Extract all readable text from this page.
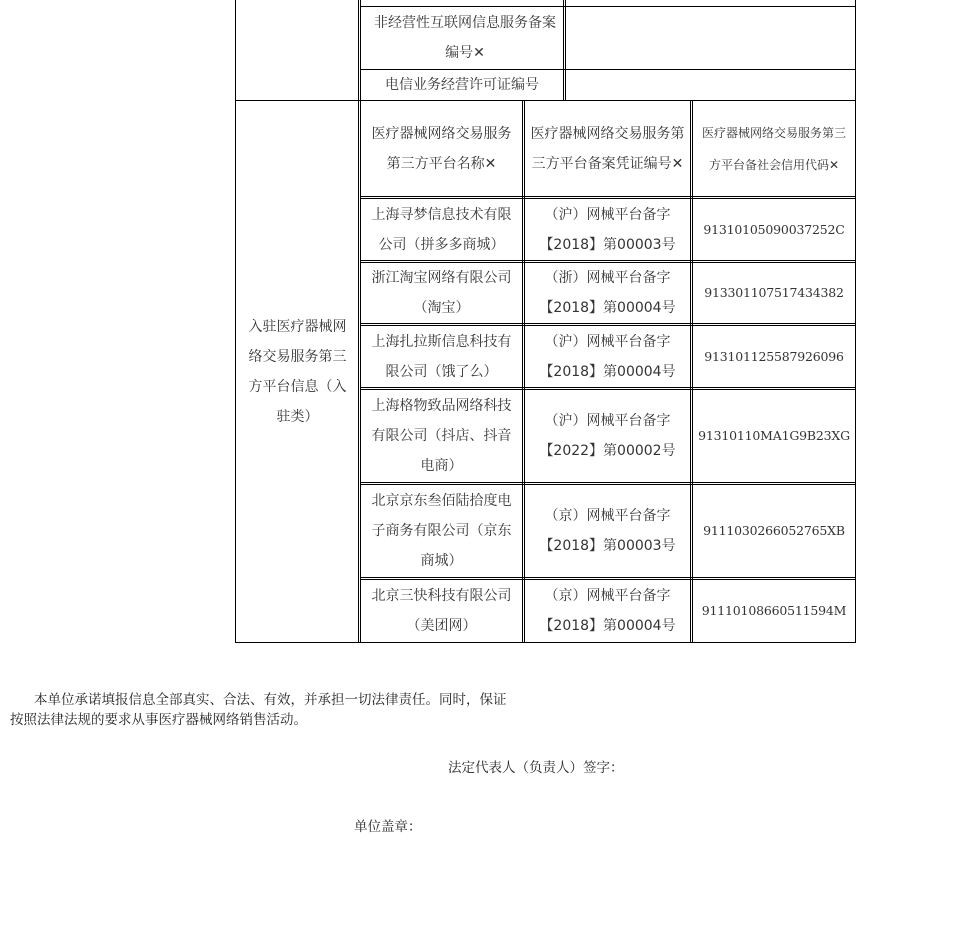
非经营性互联网信息服务备案编号✕
电信业务经营许可证编号
入驻医疗器械网络交易服务第三方平台信息（入驻类）
医疗器械网络交易服务第三方平台名称✕
医疗器械网络交易服务第三方平台备案凭证编号✕
医疗器械网络交易服务第三方平台备社会信用代码✕
上海寻梦信息技术有限公司（拼多多商城）
（沪）网械平台备字【2018】第00003号
91310105090037252C
浙江淘宝网络有限公司（淘宝）
（浙）网械平台备字【2018】第00004号
913301107517434382
上海扎拉斯信息科技有限公司（饿了么）
（沪）网械平台备字【2018】第00004号
913101125587926096
上海格物致品网络科技有限公司（抖店、抖音电商）
（沪）网械平台备字【2022】第00002号
91310110MA1G9B23XG
北京京东叁佰陆拾度电子商务有限公司（京东商城）
（京）网械平台备字【2018】第00003号
9111030266052765XB
北京三快科技有限公司（美团网）
（京）网械平台备字【2018】第00004号
91110108660511594M
本单位承诺填报信息全部真实、合法、有效，并承担一切法律责任。同时，保证
按照法律法规的要求从事医疗器械网络销售活动。
法定代表人（负责人）签字：
单位盖章：
